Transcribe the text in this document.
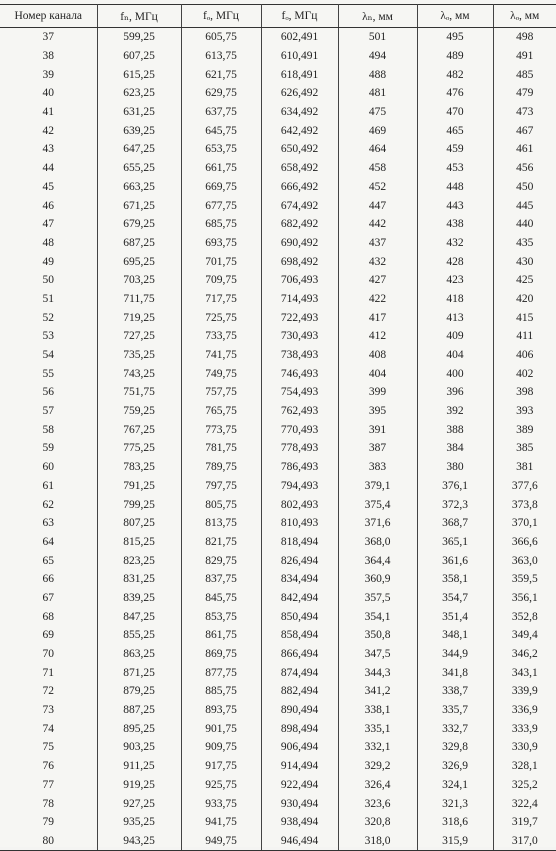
Номер канала	fₙ, МГц	fₒ, МГц	fₒ, МГц	λₙ, мм	λₒ, мм	λₒ, мм
37	599,25	605,75	602,491	501	495	498
38	607,25	613,75	610,491	494	489	491
39	615,25	621,75	618,491	488	482	485
40	623,25	629,75	626,492	481	476	479
41	631,25	637,75	634,492	475	470	473
42	639,25	645,75	642,492	469	465	467
43	647,25	653,75	650,492	464	459	461
44	655,25	661,75	658,492	458	453	456
45	663,25	669,75	666,492	452	448	450
46	671,25	677,75	674,492	447	443	445
47	679,25	685,75	682,492	442	438	440
48	687,25	693,75	690,492	437	432	435
49	695,25	701,75	698,492	432	428	430
50	703,25	709,75	706,493	427	423	425
51	711,75	717,75	714,493	422	418	420
52	719,25	725,75	722,493	417	413	415
53	727,25	733,75	730,493	412	409	411
54	735,25	741,75	738,493	408	404	406
55	743,25	749,75	746,493	404	400	402
56	751,75	757,75	754,493	399	396	398
57	759,25	765,75	762,493	395	392	393
58	767,25	773,75	770,493	391	388	389
59	775,25	781,75	778,493	387	384	385
60	783,25	789,75	786,493	383	380	381
61	791,25	797,75	794,493	379,1	376,1	377,6
62	799,25	805,75	802,493	375,4	372,3	373,8
63	807,25	813,75	810,493	371,6	368,7	370,1
64	815,25	821,75	818,494	368,0	365,1	366,6
65	823,25	829,75	826,494	364,4	361,6	363,0
66	831,25	837,75	834,494	360,9	358,1	359,5
67	839,25	845,75	842,494	357,5	354,7	356,1
68	847,25	853,75	850,494	354,1	351,4	352,8
69	855,25	861,75	858,494	350,8	348,1	349,4
70	863,25	869,75	866,494	347,5	344,9	346,2
71	871,25	877,75	874,494	344,3	341,8	343,1
72	879,25	885,75	882,494	341,2	338,7	339,9
73	887,25	893,75	890,494	338,1	335,7	336,9
74	895,25	901,75	898,494	335,1	332,7	333,9
75	903,25	909,75	906,494	332,1	329,8	330,9
76	911,25	917,75	914,494	329,2	326,9	328,1
77	919,25	925,75	922,494	326,4	324,1	325,2
78	927,25	933,75	930,494	323,6	321,3	322,4
79	935,25	941,75	938,494	320,8	318,6	319,7
80	943,25	949,75	946,494	318,0	315,9	317,0
